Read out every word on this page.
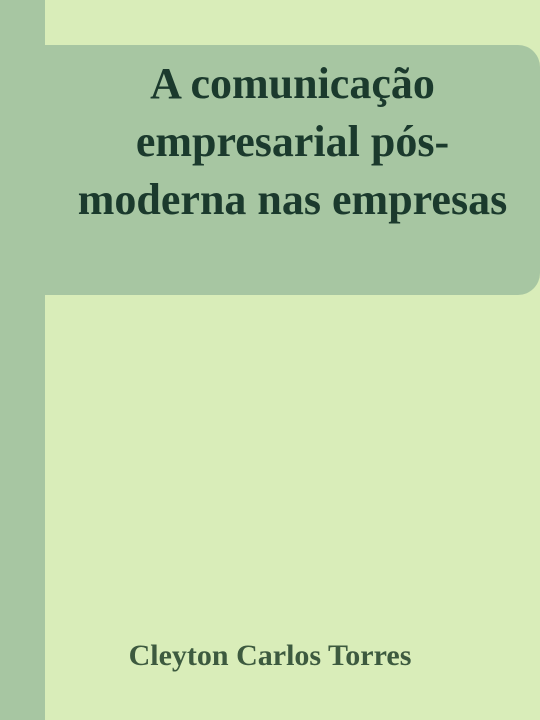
A comunicação empresarial pós-moderna nas empresas

Cleyton Carlos Torres
